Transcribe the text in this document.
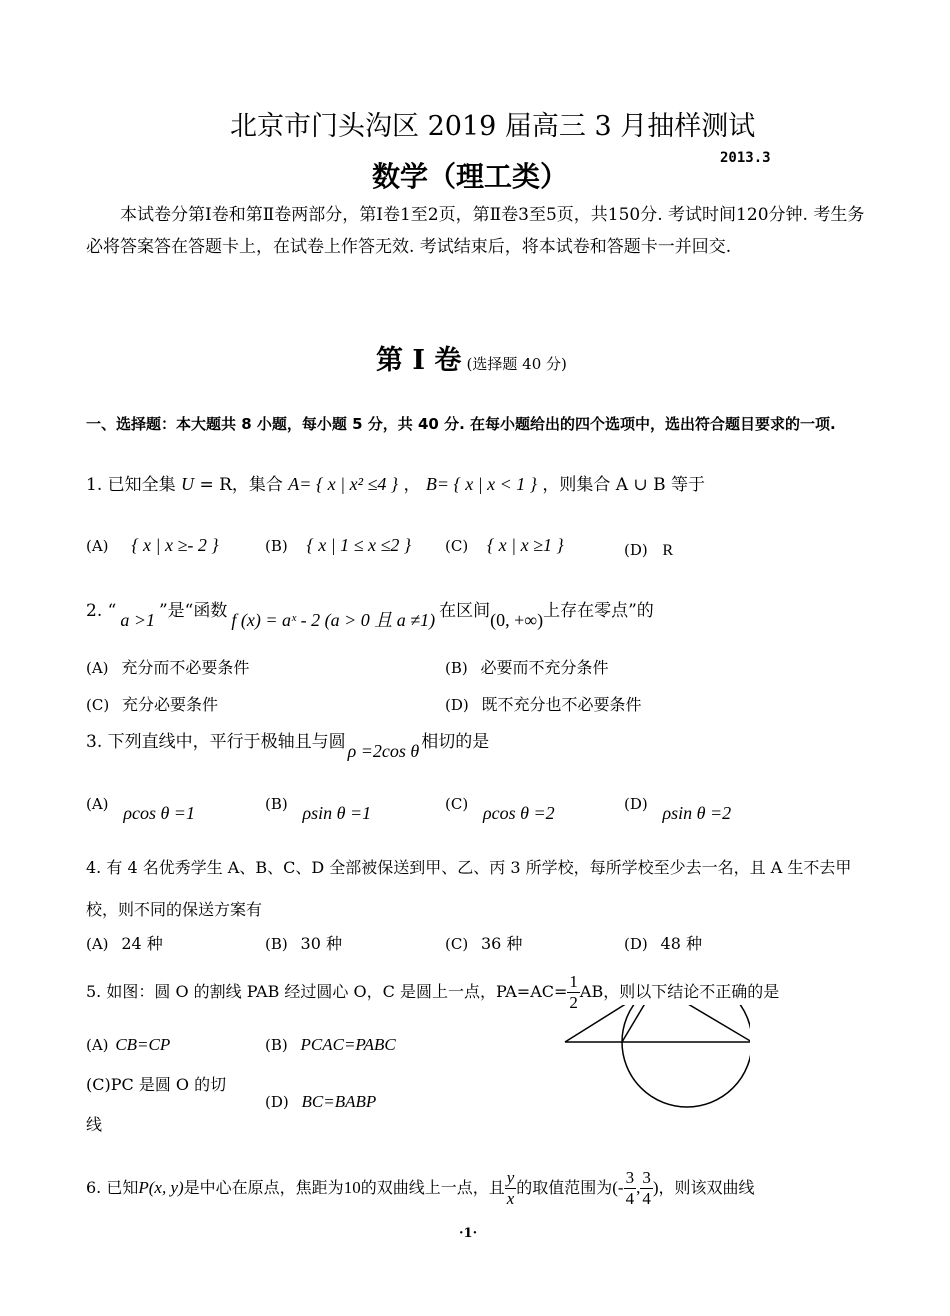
北京市门头沟区 2019 届高三 3 月抽样测试
数学（理工类）
2013.3
本试卷分第Ⅰ卷和第Ⅱ卷两部分，第Ⅰ卷1至2页，第Ⅱ卷3至5页，共150分. 考试时间120分钟. 考生务必将答案答在答题卡上，在试卷上作答无效. 考试结束后，将本试卷和答题卡一并回交.
第 Ⅰ 卷 (选择题 40 分)
一、选择题：本大题共 8 小题，每小题 5 分，共 40 分. 在每小题给出的四个选项中，选出符合题目要求的一项.
1. 已知全集 U = R，集合 A= { x | x² ≤4 } ， B= { x | x < 1 } ，则集合 A ∪ B 等于
(A) { x | x ≥- 2 }	(B) { x | 1 ≤ x ≤2 } (C) { x | x ≥1 }	(D) R
2. “ a >1 ”是“函数 f (x) = aˣ - 2 (a > 0 且 a ≠1) 在区间(0, +∞)上存在零点”的
(A) 充分而不必要条件	(B) 必要而不充分条件
(C) 充分必要条件	(D) 既不充分也不必要条件
3. 下列直线中，平行于极轴且与圆 ρ =2cos θ 相切的是
(A) ρcos θ =1	(B) ρsin θ =1	(C) ρcos θ =2	(D) ρsin θ =2
4. 有 4 名优秀学生 A、B、C、D 全部被保送到甲、乙、丙 3 所学校，每所学校至少去一名，且 A 生不去甲
校，则不同的保送方案有
(A) 24 种	(B) 30 种	(C) 36 种	(D) 48 种
5. 如图：圆 O 的割线 PAB 经过圆心 O，C 是圆上一点，$PA=AC= \frac{1}{2}$ AB，则以下结论不正确的是
(A) CB=CP	(B) PCAC=PABC
(C)PC 是圆 O 的切
线
(D) BC=BABP
6. 已知P(x, y)是中心在原点，焦距为10的双曲线上一点，且 $\frac{y}{x}$ 的取值范围为(- $\frac{3}{4}$ , $\frac{3}{4}$ )，则该双曲线
·1·
